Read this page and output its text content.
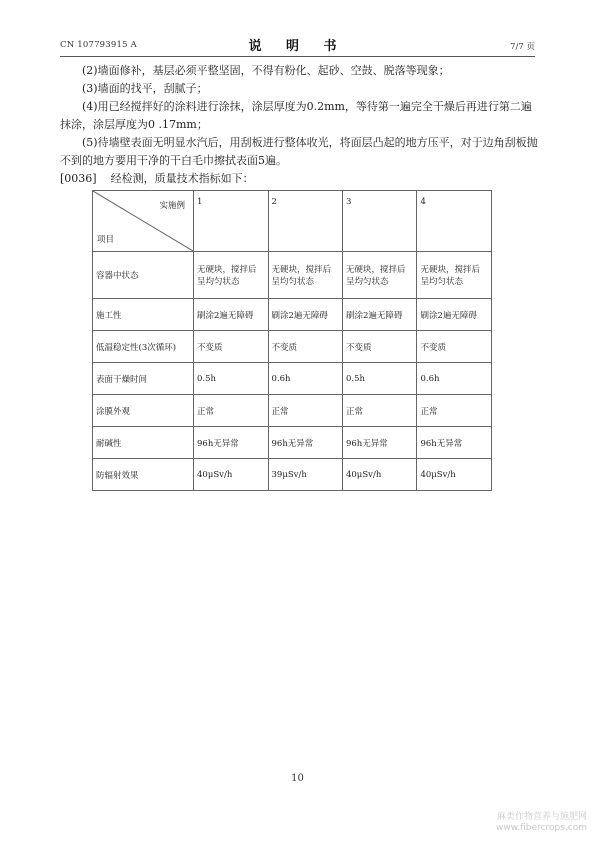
CN 107793915 A	说 明 书	7/7 页
(2)墙面修补，基层必须平整坚固，不得有粉化、起砂、空鼓、脱落等现象；
(3)墙面的找平，刮腻子；
(4)用已经搅拌好的涂料进行涂抹，涂层厚度为0.2mm，等待第一遍完全干燥后再进行第二遍抹涂，涂层厚度为0 .17mm；
(5)待墙壁表面无明显水汽后，用刮板进行整体收光，将面层凸起的地方压平，对于边角刮板抛不到的地方要用干净的干白毛巾擦拭表面5遍。
[0036] 经检测，质量技术指标如下：
实施例
项目	1	2	3	4
容器中状态	无硬块，搅拌后呈均匀状态	无硬块，搅拌后呈均匀状态	无硬块，搅拌后呈均匀状态	无硬块，搅拌后呈均匀状态
施工性	刷涂2遍无障碍	刷涂2遍无障碍	刷涂2遍无障碍	刷涂2遍无障碍
低温稳定性(3次循环)	不变质	不变质	不变质	不变质
表面干燥时间	0.5h	0.6h	0.5h	0.6h
涂膜外观	正常	正常	正常	正常
耐碱性	96h无异常	96h无异常	96h无异常	96h无异常
防辐射效果	40μSv/h	39μSv/h	40μSv/h	40μSv/h
10
麻类作物营养与施肥网
www.fibercrops.com
